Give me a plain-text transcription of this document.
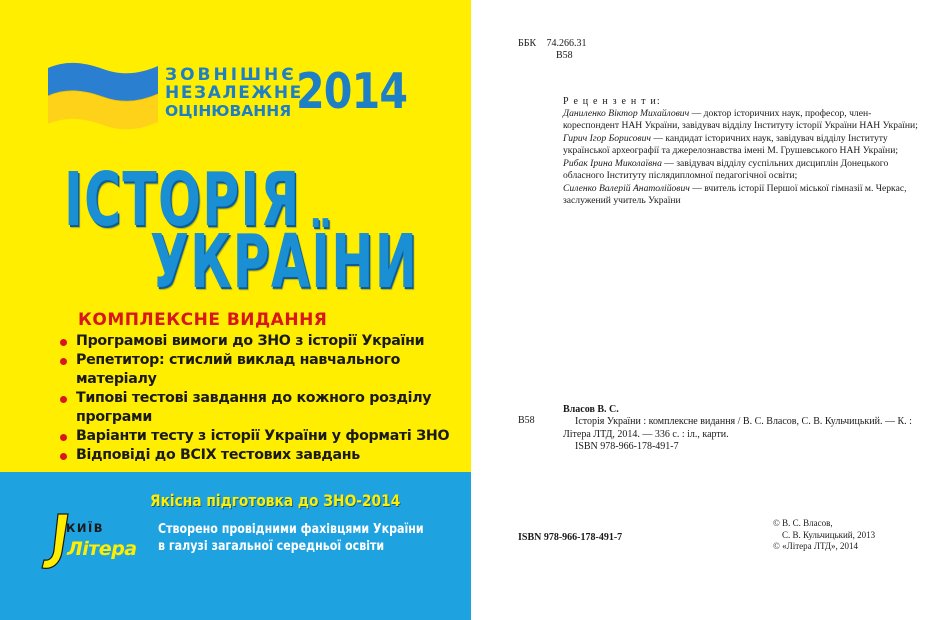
ЗОВНІШНЄ
НЕЗАЛЕЖНЕ
ОЦІНЮВАННЯ 2014
ІСТОРІЯ
УКРАЇНИ
КОМПЛЕКСНЕ ВИДАННЯ
Програмові вимоги до ЗНО з історії України
Репетитор: стислий виклад навчального матеріалу
Типові тестові завдання до кожного розділу програми
Варіанти тесту з історії України у форматі ЗНО
Відповіді до ВСІХ тестових завдань
Якісна підготовка до ЗНО-2014
Створено провідними фахівцями України
в галузі загальної середньої освіти
КИЇВ
Літера
ББК 74.266.31
В58
Р е ц е н з е н т и:

Даниленко Віктор Михайлович — доктор історичних наук, професор, член-кореспондент НАН України, завідувач відділу Інституту історії України НАН України;

Гирич Ігор Борисович — кандидат історичних наук, завідувач відділу Інституту української археографії та джерелознавства імені М. Грушевського НАН України;

Рибак Ірина Миколаївна — завідувач відділу суспільних дисциплін Донецького обласного Інституту післядипломної педагогічної освіти;

Силенко Валерій Анатолійович — вчитель історії Першої міської гімназії м. Черкас, заслужений учитель України

Власов В. С.
В58	Історія України : комплексне видання / В. С. Власов, С. В. Кульчицький. — К. : Літера ЛТД, 2014. — 336 с. : іл., карти.
ISBN 978-966-178-491-7
ISBN 978-966-178-491-7
© В. С. Власов,
С. В. Кульчицький, 2013
© «Літера ЛТД», 2014
